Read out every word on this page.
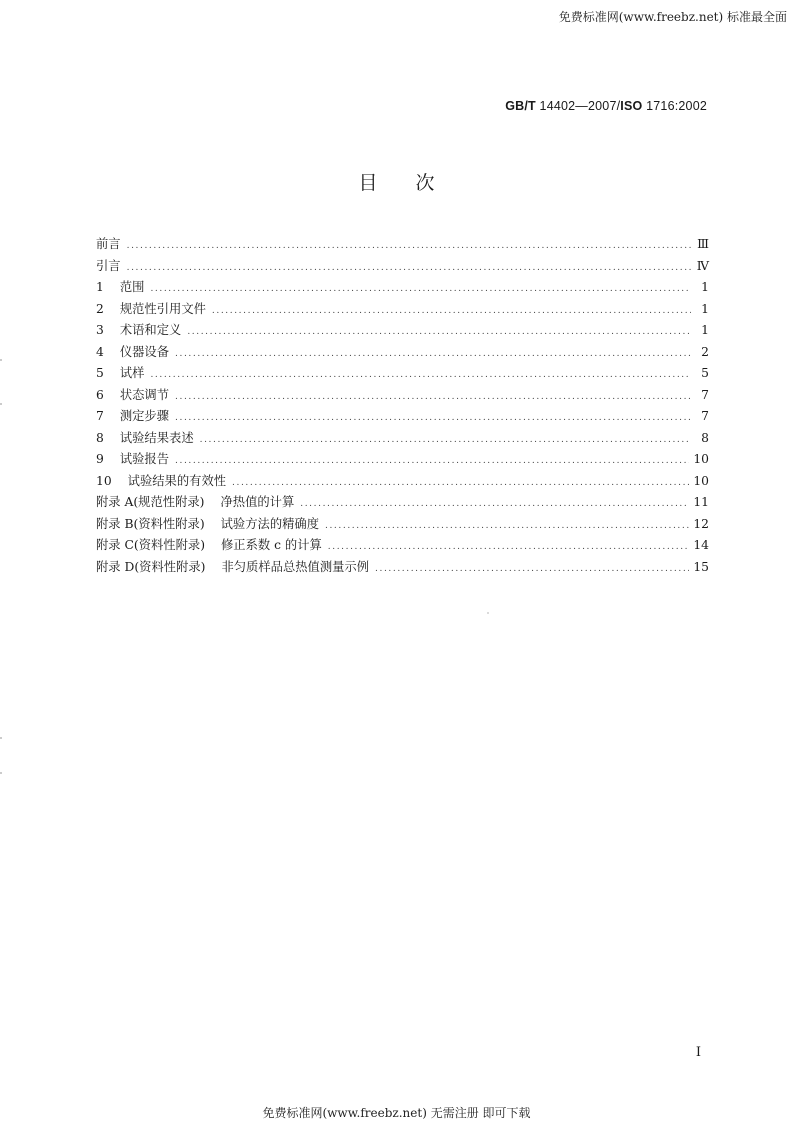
免费标准网(www.freebz.net) 标准最全面
GB/T 14402—2007/ISO 1716:2002
目次
前言 .....	Ⅲ
引言 .....	Ⅳ
1 范围 .....	1
2 规范性引用文件 .....	1
3 术语和定义 .....	1
4 仪器设备 .....	2
5 试样 .....	5
6 状态调节 .....	7
7 测定步骤 .....	7
8 试验结果表述 .....	8
9 试验报告 .....	10
10 试验结果的有效性 .....	10
附录 A(规范性附录) 净热值的计算 .....	11
附录 B(资料性附录) 试验方法的精确度 .....	12
附录 C(资料性附录) 修正系数 c 的计算 .....	14
附录 D(资料性附录) 非匀质样品总热值测量示例 .....	15
I
免费标准网(www.freebz.net) 无需注册 即可下载
